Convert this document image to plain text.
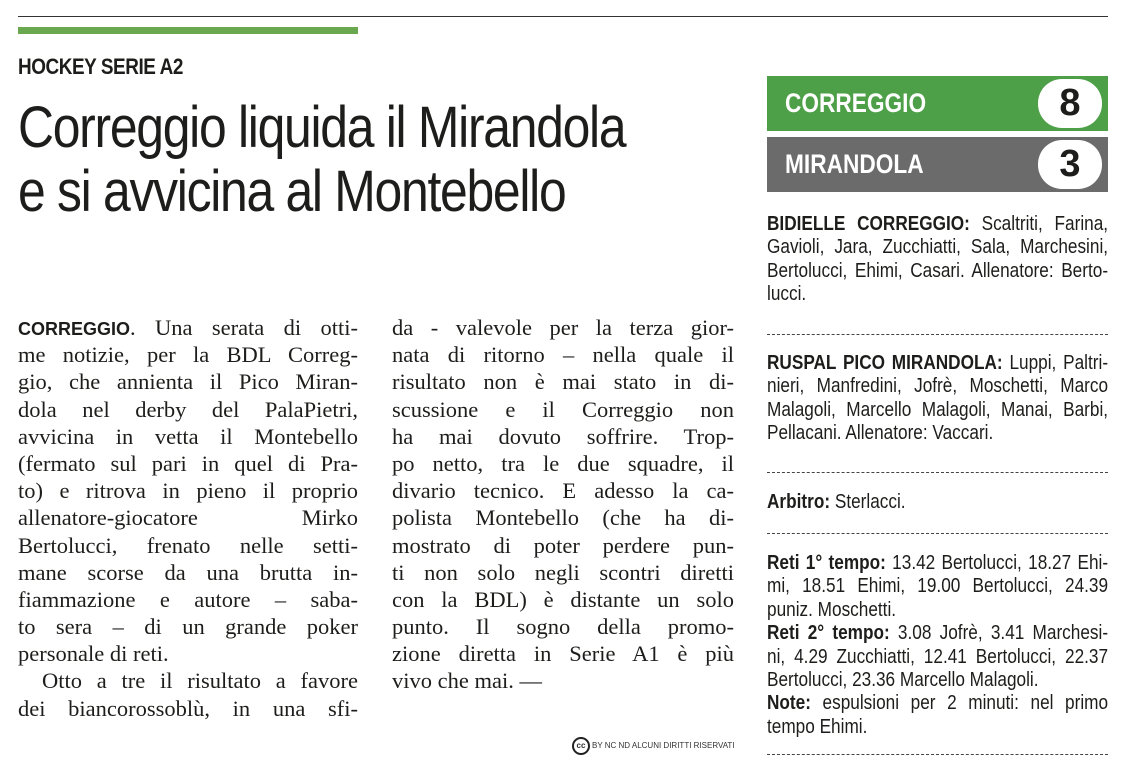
HOCKEY SERIE A2
Correggio liquida il Mirandola
e si avvicina al Montebello
CORREGGIO. Una serata di otti-
me notizie, per la BDL Correg-
gio, che annienta il Pico Miran-
dola nel derby del PalaPietri,
avvicina in vetta il Montebello
(fermato sul pari in quel di Pra-
to) e ritrova in pieno il proprio
allenatore-giocatore Mirko
Bertolucci, frenato nelle setti-
mane scorse da una brutta in-
fiammazione e autore – saba-
to sera – di un grande poker
personale di reti.
Otto a tre il risultato a favore
dei biancorossoblù, in una sfi-
da - valevole per la terza gior-
nata di ritorno – nella quale il
risultato non è mai stato in di-
scussione e il Correggio non
ha mai dovuto soffrire. Trop-
po netto, tra le due squadre, il
divario tecnico. E adesso la ca-
polista Montebello (che ha di-
mostrato di poter perdere pun-
ti non solo negli scontri diretti
con la BDL) è distante un solo
punto. Il sogno della promo-
zione diretta in Serie A1 è più
vivo che mai. —
cc BY NC ND ALCUNI DIRITTI RISERVATI
CORREGGIO	8
MIRANDOLA	3
BIDIELLE CORREGGIO: Scaltriti, Farina,
Gavioli, Jara, Zucchiatti, Sala, Marchesini,
Bertolucci, Ehimi, Casari. Allenatore: Berto-
lucci.
RUSPAL PICO MIRANDOLA: Luppi, Paltri-
nieri, Manfredini, Jofrè, Moschetti, Marco
Malagoli, Marcello Malagoli, Manai, Barbi,
Pellacani. Allenatore: Vaccari.
Arbitro: Sterlacci.
Reti 1° tempo: 13.42 Bertolucci, 18.27 Ehi-
mi, 18.51 Ehimi, 19.00 Bertolucci, 24.39
puniz. Moschetti.
Reti 2° tempo: 3.08 Jofrè, 3.41 Marchesi-
ni, 4.29 Zucchiatti, 12.41 Bertolucci, 22.37
Bertolucci, 23.36 Marcello Malagoli.
Note: espulsioni per 2 minuti: nel primo
tempo Ehimi.
